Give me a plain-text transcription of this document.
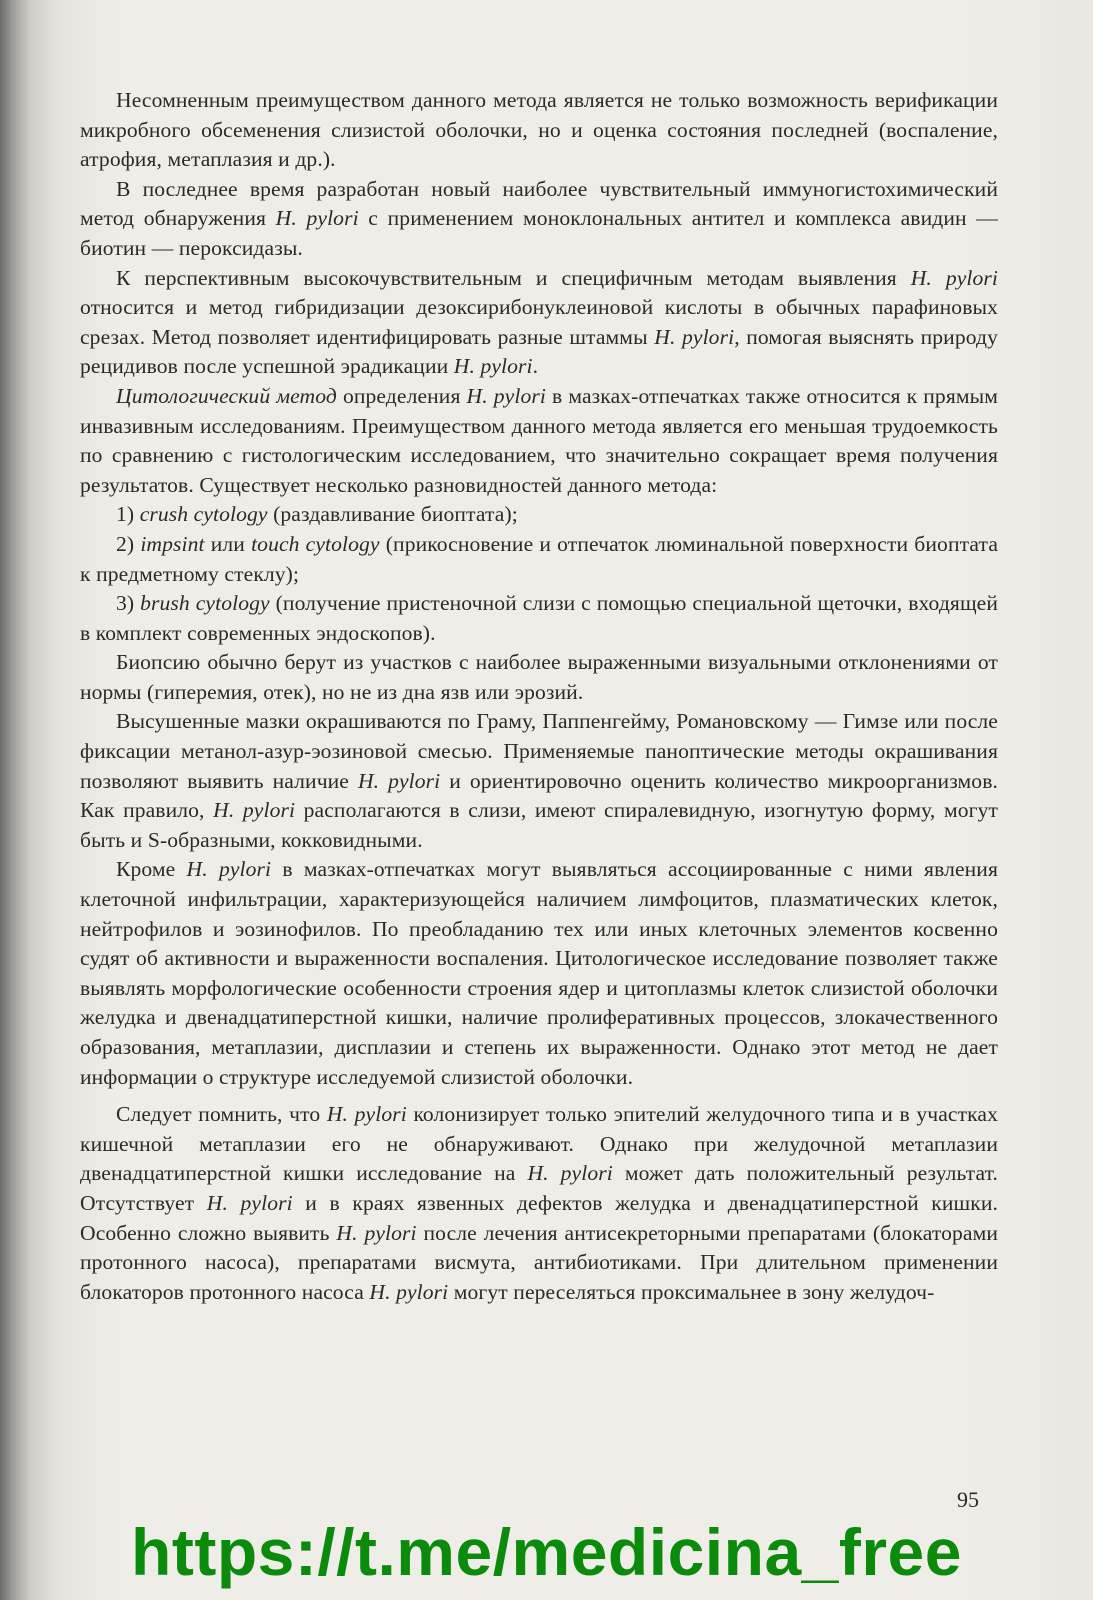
Несомненным преимуществом данного метода является не только возможность верификации микробного обсеменения слизистой оболочки, но и оценка состояния последней (воспаление, атрофия, метаплазия и др.).

В последнее время разработан новый наиболее чувствительный иммуногистохимический метод обнаружения H. pylori с применением моноклональных антител и комплекса авидин — биотин — пероксидазы.

К перспективным высокочувствительным и специфичным методам выявления H. pylori относится и метод гибридизации дезоксирибонуклеиновой кислоты в обычных парафиновых срезах. Метод позволяет идентифицировать разные штаммы H. pylori, помогая выяснять природу рецидивов после успешной эрадикации H. pylori.

Цитологический метод определения H. pylori в мазках-отпечатках также относится к прямым инвазивным исследованиям. Преимуществом данного метода является его меньшая трудоемкость по сравнению с гистологическим исследованием, что значительно сокращает время получения результатов. Существует несколько разновидностей данного метода:

1) crush cytology (раздавливание биоптата);

2) impsint или touch cytology (прикосновение и отпечаток люминальной поверхности биоптата к предметному стеклу);

3) brush cytology (получение пристеночной слизи с помощью специальной щеточки, входящей в комплект современных эндоскопов).

Биопсию обычно берут из участков с наиболее выраженными визуальными отклонениями от нормы (гиперемия, отек), но не из дна язв или эрозий.

Высушенные мазки окрашиваются по Граму, Паппенгейму, Романовскому — Гимзе или после фиксации метанол-азур-эозиновой смесью. Применяемые паноптические методы окрашивания позволяют выявить наличие H. pylori и ориентировочно оценить количество микроорганизмов. Как правило, H. pylori располагаются в слизи, имеют спиралевидную, изогнутую форму, могут быть и S-образными, кокковидными.

Кроме H. pylori в мазках-отпечатках могут выявляться ассоциированные с ними явления клеточной инфильтрации, характеризующейся наличием лимфоцитов, плазматических клеток, нейтрофилов и эозинофилов. По преобладанию тех или иных клеточных элементов косвенно судят об активности и выраженности воспаления. Цитологическое исследование позволяет также выявлять морфологические особенности строения ядер и цитоплазмы клеток слизистой оболочки желудка и двенадцатиперстной кишки, наличие пролиферативных процессов, злокачественного образования, метаплазии, дисплазии и степень их выраженности. Однако этот метод не дает информации о структуре исследуемой слизистой оболочки.

Следует помнить, что H. pylori колонизирует только эпителий желудочного типа и в участках кишечной метаплазии его не обнаруживают. Однако при желудочной метаплазии двенадцатиперстной кишки исследование на H. pylori может дать положительный результат. Отсутствует H. pylori и в краях язвенных дефектов желудка и двенадцатиперстной кишки. Особенно сложно выявить H. pylori после лечения антисекреторными препаратами (блокаторами протонного насоса), препаратами висмута, антибиотиками. При длительном применении блокаторов протонного насоса H. pylori могут переселяться проксимальнее в зону желудоч-

95
https://t.me/medicina_free
